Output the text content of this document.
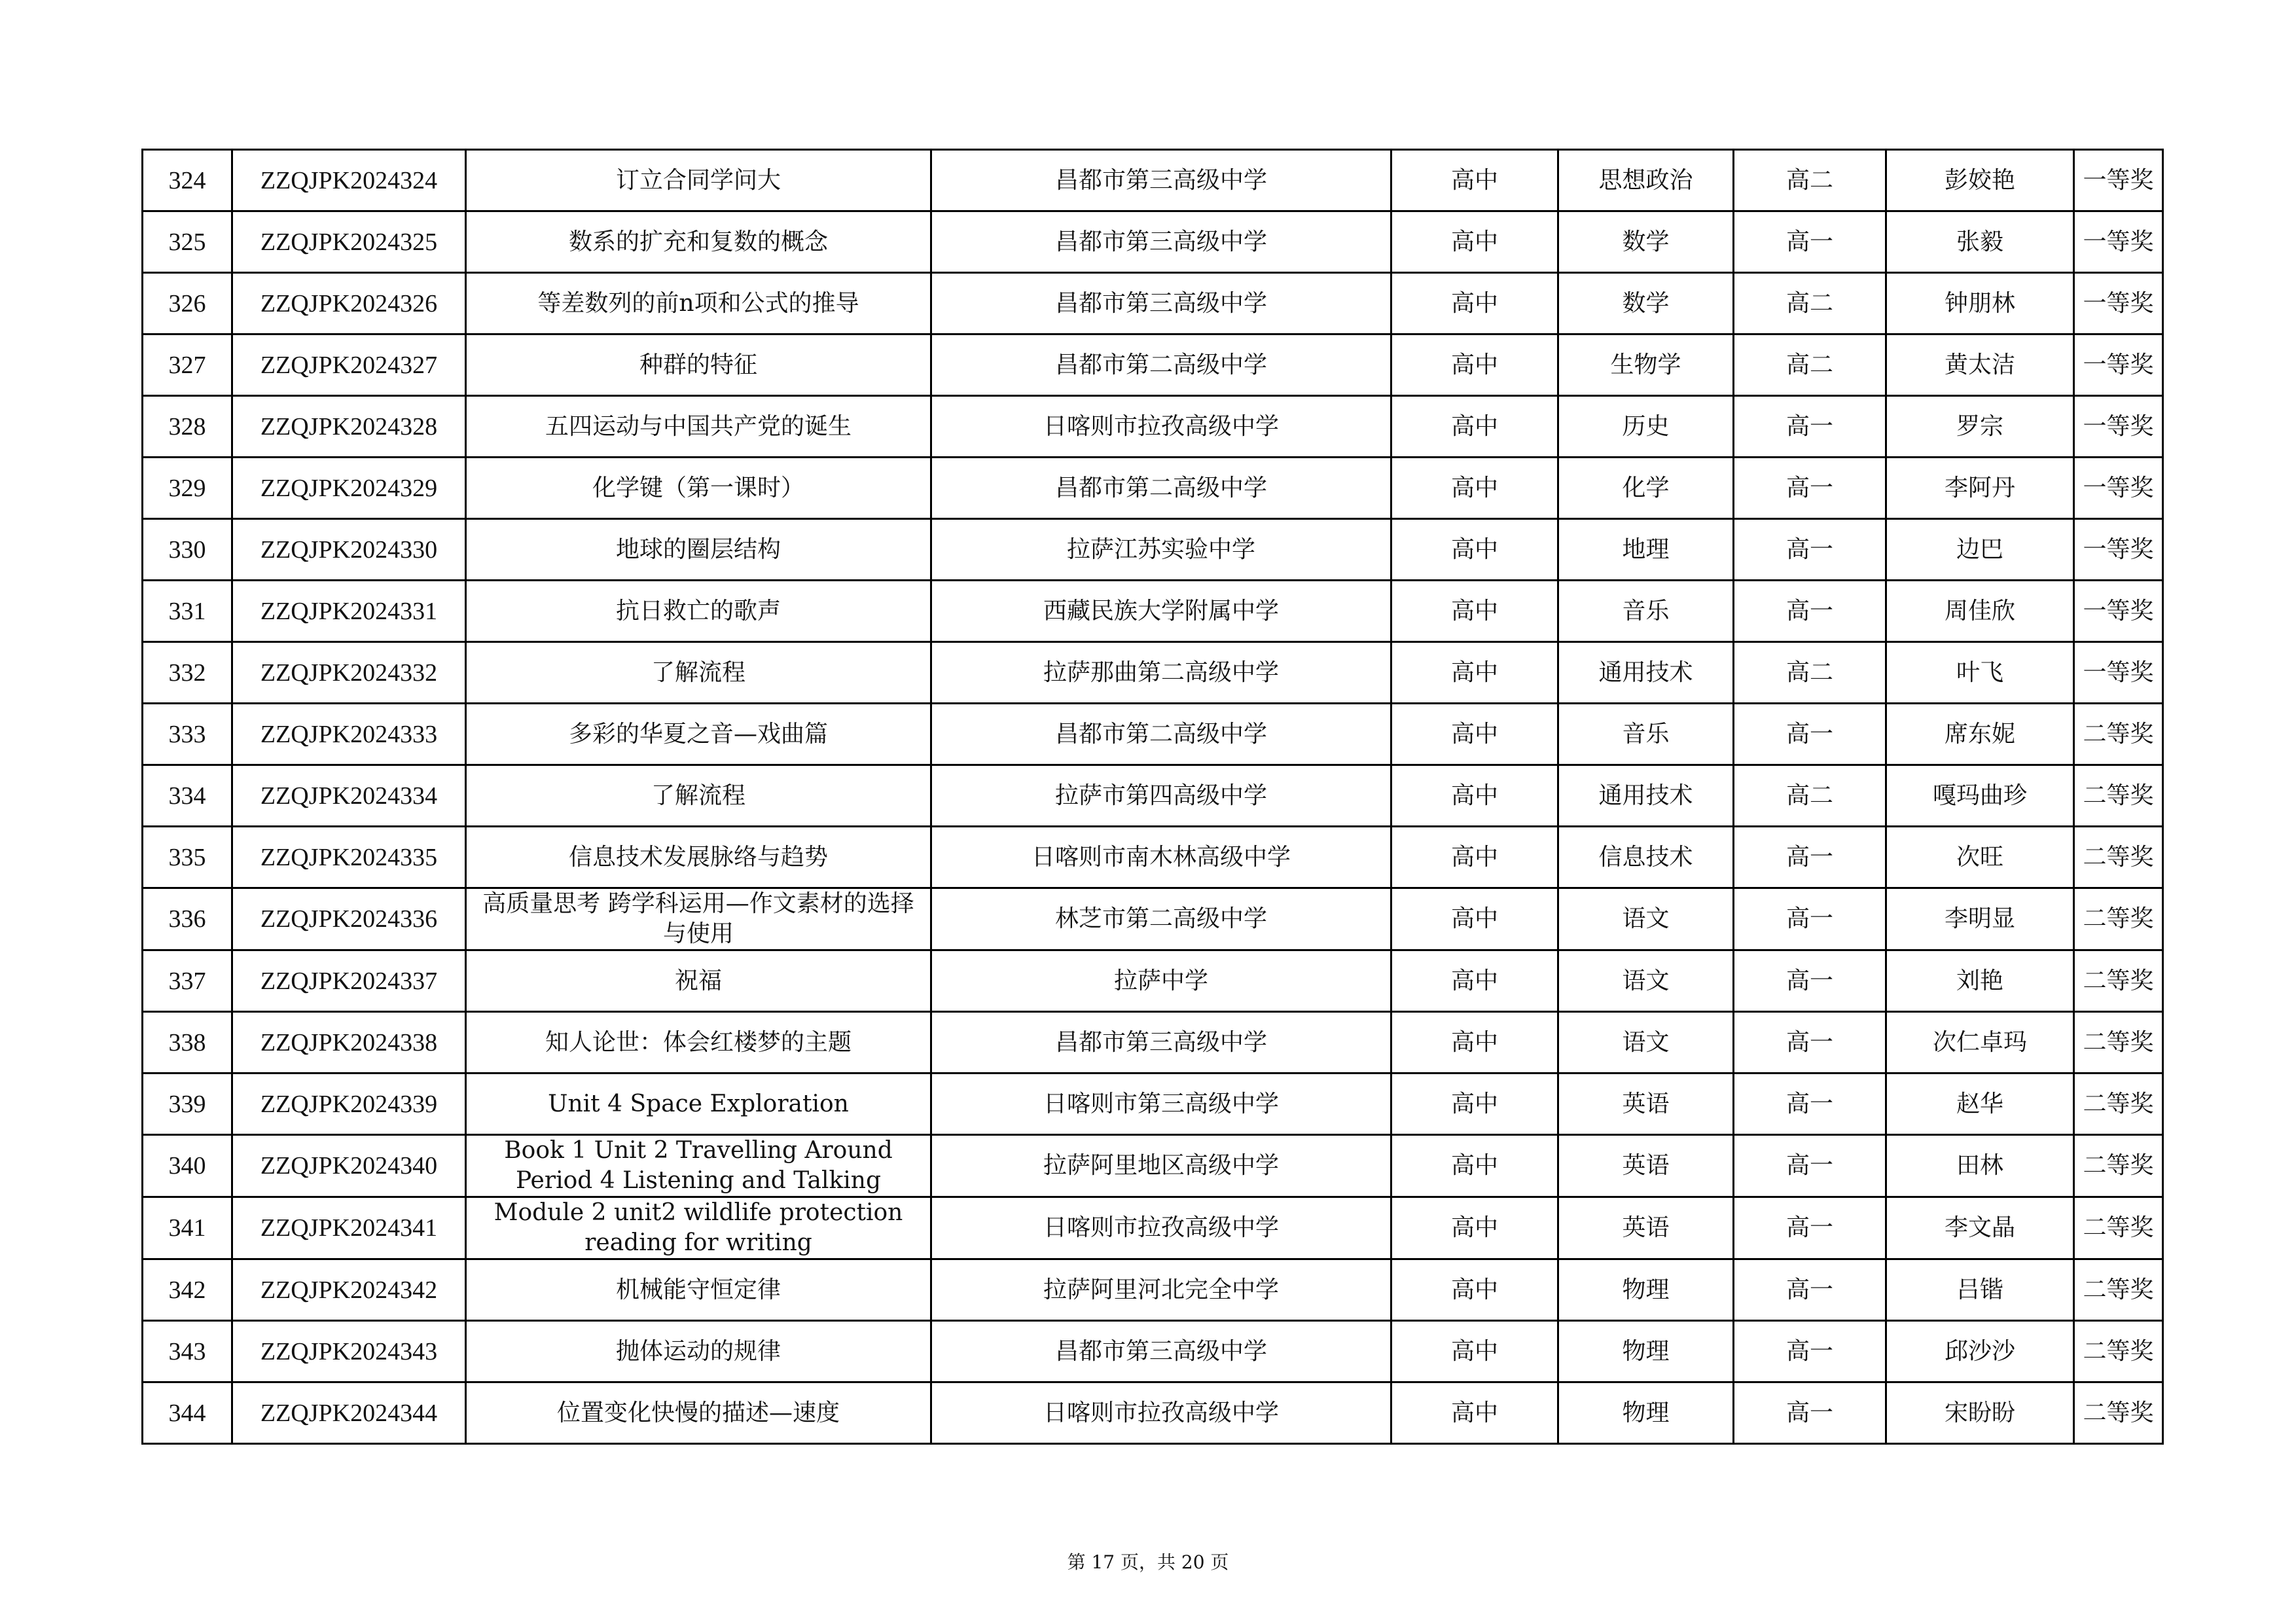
324	ZZQJPK2024324	订立合同学问大	昌都市第三高级中学	高中	思想政治	高二	彭姣艳	一等奖
325	ZZQJPK2024325	数系的扩充和复数的概念	昌都市第三高级中学	高中	数学	高一	张毅	一等奖
326	ZZQJPK2024326	等差数列的前n项和公式的推导	昌都市第三高级中学	高中	数学	高二	钟朋林	一等奖
327	ZZQJPK2024327	种群的特征	昌都市第二高级中学	高中	生物学	高二	黄太洁	一等奖
328	ZZQJPK2024328	五四运动与中国共产党的诞生	日喀则市拉孜高级中学	高中	历史	高一	罗宗	一等奖
329	ZZQJPK2024329	化学键（第一课时）	昌都市第二高级中学	高中	化学	高一	李阿丹	一等奖
330	ZZQJPK2024330	地球的圈层结构	拉萨江苏实验中学	高中	地理	高一	边巴	一等奖
331	ZZQJPK2024331	抗日救亡的歌声	西藏民族大学附属中学	高中	音乐	高一	周佳欣	一等奖
332	ZZQJPK2024332	了解流程	拉萨那曲第二高级中学	高中	通用技术	高二	叶飞	一等奖
333	ZZQJPK2024333	多彩的华夏之音—戏曲篇	昌都市第二高级中学	高中	音乐	高一	席东妮	二等奖
334	ZZQJPK2024334	了解流程	拉萨市第四高级中学	高中	通用技术	高二	嘎玛曲珍	二等奖
335	ZZQJPK2024335	信息技术发展脉络与趋势	日喀则市南木林高级中学	高中	信息技术	高一	次旺	二等奖
336	ZZQJPK2024336	高质量思考 跨学科运用—作文素材的选择与使用	林芝市第二高级中学	高中	语文	高一	李明显	二等奖
337	ZZQJPK2024337	祝福	拉萨中学	高中	语文	高一	刘艳	二等奖
338	ZZQJPK2024338	知人论世：体会红楼梦的主题	昌都市第三高级中学	高中	语文	高一	次仁卓玛	二等奖
339	ZZQJPK2024339	Unit 4 Space Exploration	日喀则市第三高级中学	高中	英语	高一	赵华	二等奖
340	ZZQJPK2024340	Book 1 Unit 2 Travelling Around Period 4 Listening and Talking	拉萨阿里地区高级中学	高中	英语	高一	田林	二等奖
341	ZZQJPK2024341	Module 2 unit2 wildlife protection reading for writing	日喀则市拉孜高级中学	高中	英语	高一	李文晶	二等奖
342	ZZQJPK2024342	机械能守恒定律	拉萨阿里河北完全中学	高中	物理	高一	吕锴	二等奖
343	ZZQJPK2024343	抛体运动的规律	昌都市第三高级中学	高中	物理	高一	邱沙沙	二等奖
344	ZZQJPK2024344	位置变化快慢的描述—速度	日喀则市拉孜高级中学	高中	物理	高一	宋盼盼	二等奖
第 17 页，共 20 页
